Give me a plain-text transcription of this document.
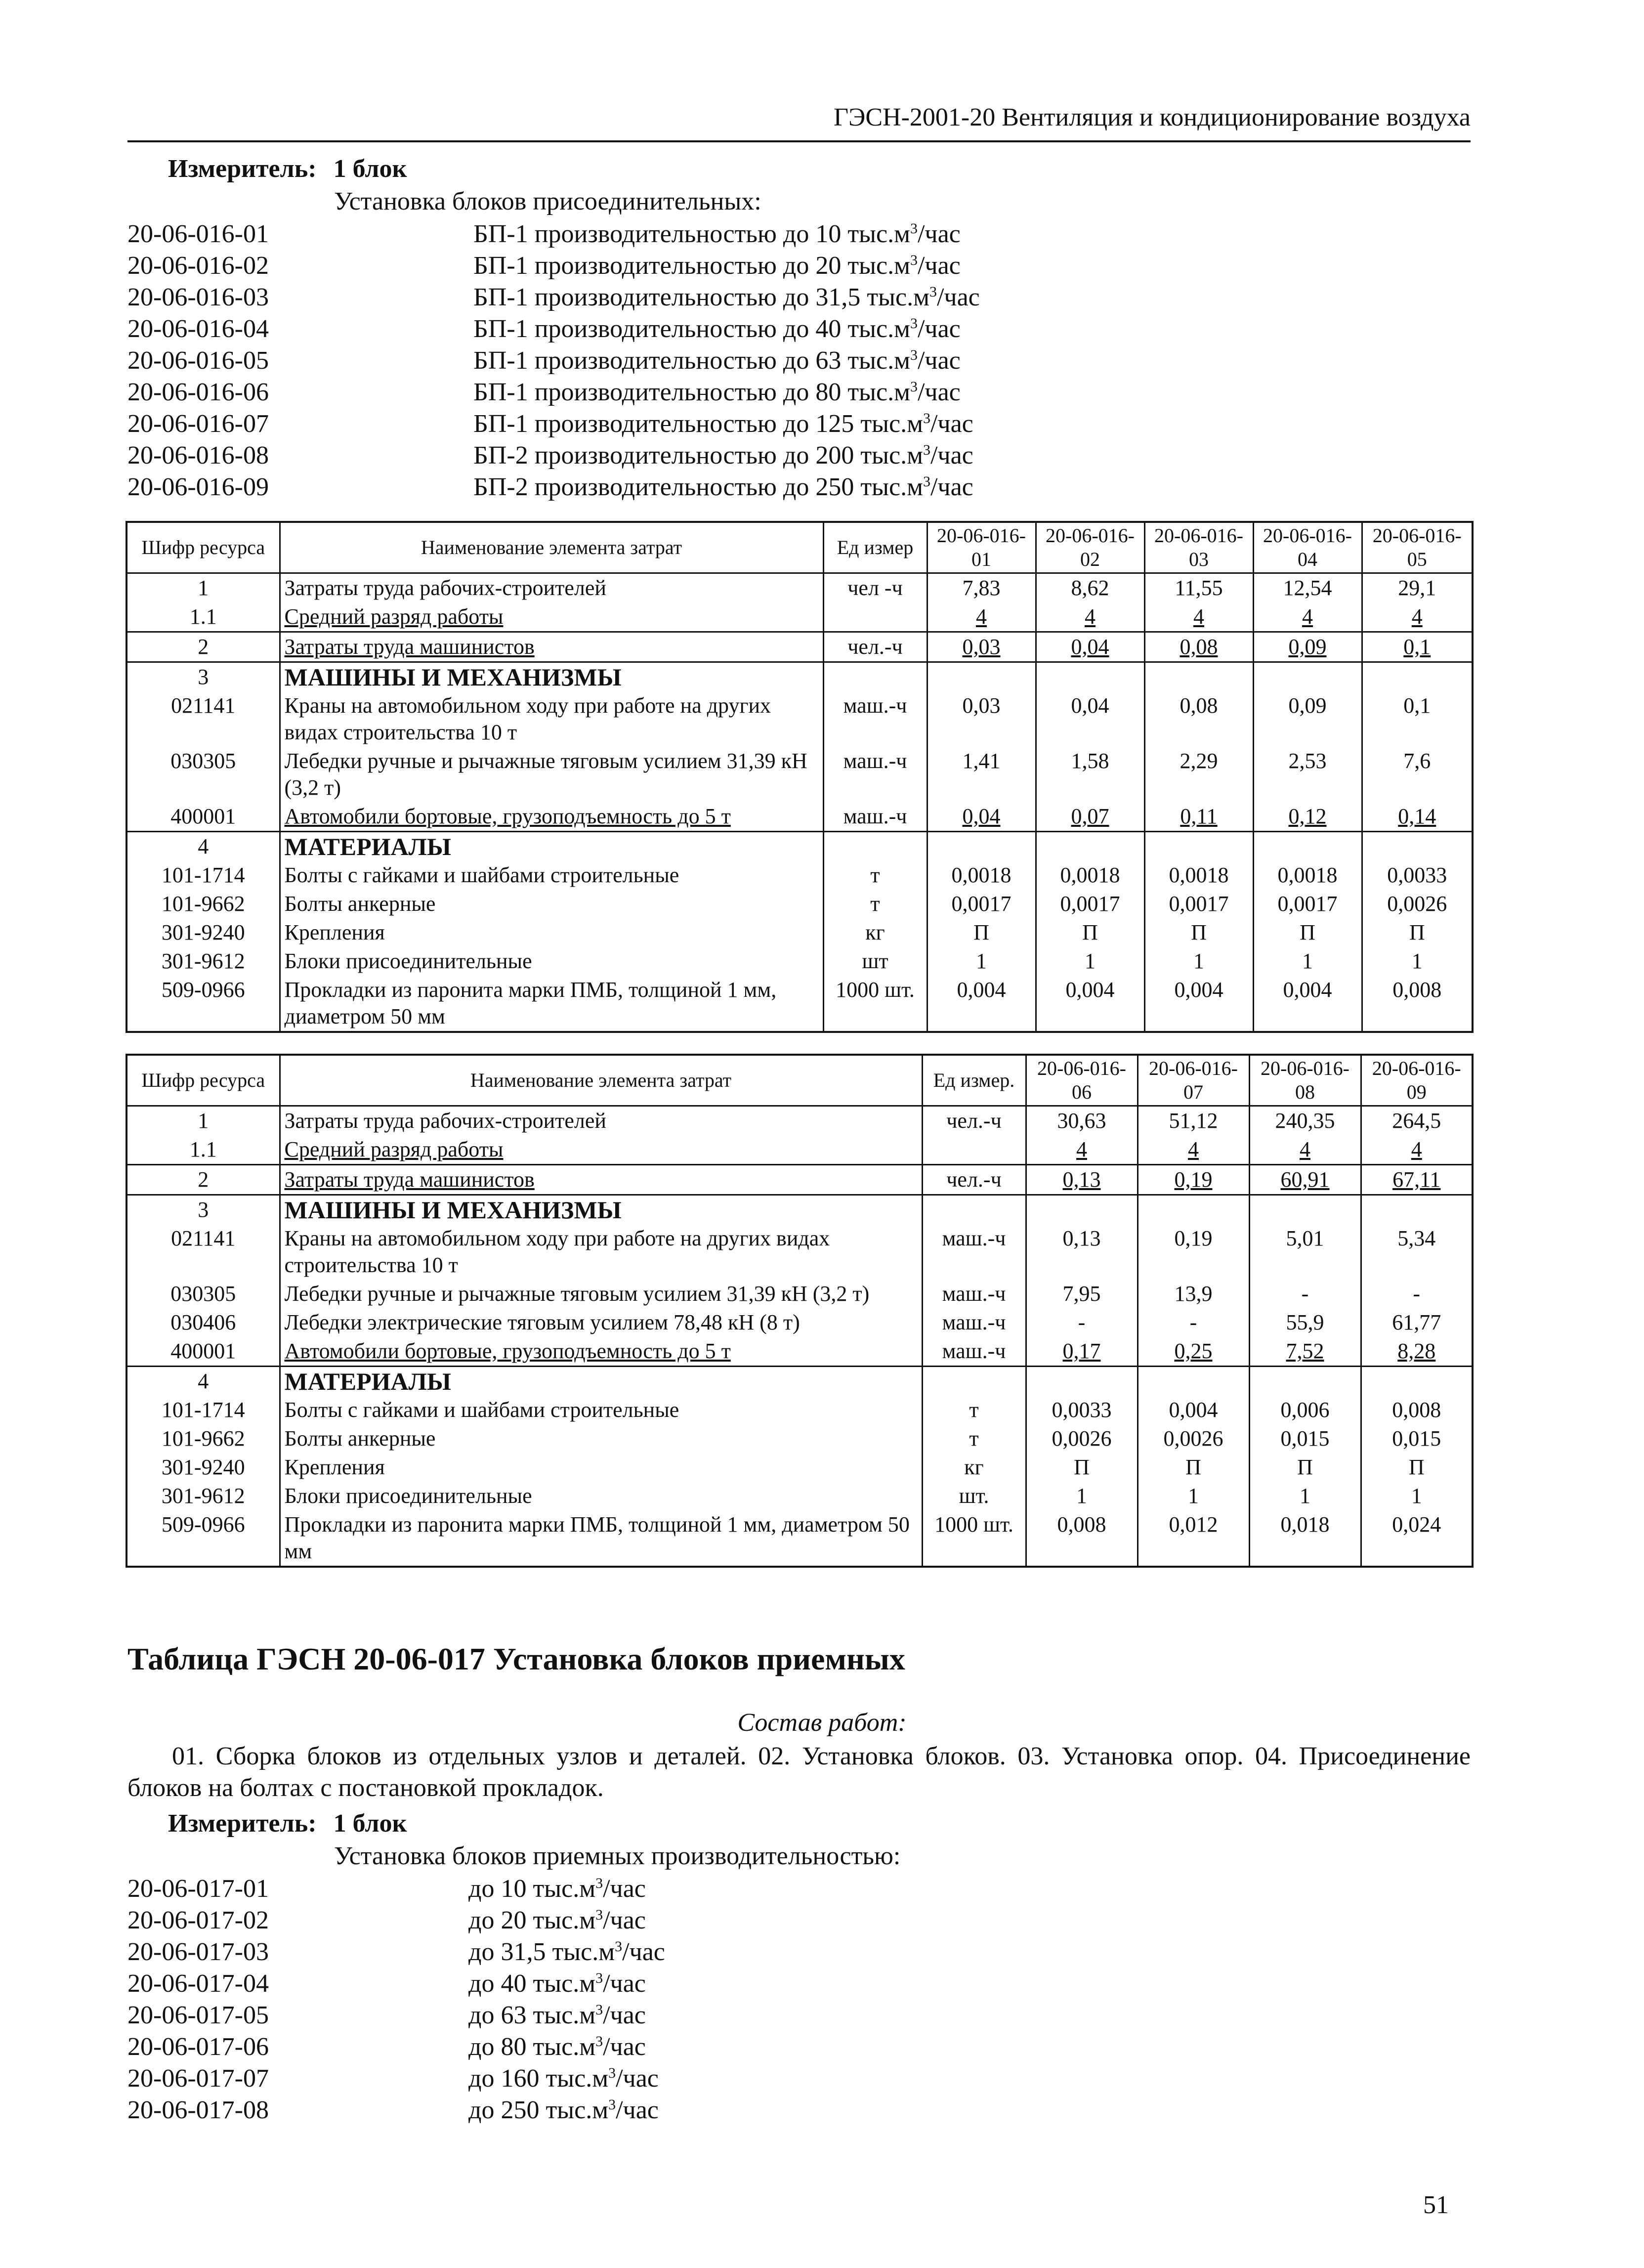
ГЭСН-2001-20 Вентиляция и кондиционирование воздуха
Измеритель: 1 блок
Установка блоков присоединительных:
20-06-016-01	БП-1 производительностью до 10 $тыс.м^3$/час
20-06-016-02	БП-1 производительностью до 20 $тыс.м^3$/час
20-06-016-03	БП-1 производительностью до 31,5 $тыс.м^3$/час
20-06-016-04	БП-1 производительностью до 40 $тыс.м^3$/час
20-06-016-05	БП-1 производительностью до 63 $тыс.м^3$/час
20-06-016-06	БП-1 производительностью до 80 $тыс.м^3$/час
20-06-016-07	БП-1 производительностью до 125 $тыс.м^3$/час
20-06-016-08	БП-2 производительностью до 200 $тыс.м^3$/час
20-06-016-09	БП-2 производительностью до 250 $тыс.м^3$/час
Шифр ресурса	Наименование элемента затрат	Ед измер	20-06-016-01	20-06-016-02	20-06-016-03	20-06-016-04	20-06-016-05
1	Затраты труда рабочих-строителей	чел -ч	7,83	8,62	11,55	12,54	29,1
1.1	Средний разряд работы		4	4	4	4	4
2	Затраты труда машинистов	чел.-ч	0,03	0,04	0,08	0,09	0,1
3	МАШИНЫ И МЕХАНИЗМЫ						
021141	Краны на автомобильном ходу при работе на других видах строительства 10 т	маш.-ч	0,03	0,04	0,08	0,09	0,1
030305	Лебедки ручные и рычажные тяговым усилием 31,39 кН (3,2 т)	маш.-ч	1,41	1,58	2,29	2,53	7,6
400001	Автомобили бортовые, грузоподъемность до 5 т	маш.-ч	0,04	0,07	0,11	0,12	0,14
4	МАТЕРИАЛЫ						
101-1714	Болты с гайками и шайбами строительные	т	0,0018	0,0018	0,0018	0,0018	0,0033
101-9662	Болты анкерные	т	0,0017	0,0017	0,0017	0,0017	0,0026
301-9240	Крепления	кг	П	П	П	П	П
301-9612	Блоки присоединительные	шт	1	1	1	1	1
509-0966	Прокладки из паронита марки ПМБ, толщиной 1 мм, диаметром 50 мм	1000 шт.	0,004	0,004	0,004	0,004	0,008
Шифр ресурса	Наименование элемента затрат	Ед измер.	20-06-016-06	20-06-016-07	20-06-016-08	20-06-016-09
1	Затраты труда рабочих-строителей	чел.-ч	30,63	51,12	240,35	264,5
1.1	Средний разряд работы		4	4	4	4
2	Затраты труда машинистов	чел.-ч	0,13	0,19	60,91	67,11
3	МАШИНЫ И МЕХАНИЗМЫ					
021141	Краны на автомобильном ходу при работе на других видах строительства 10 т	маш.-ч	0,13	0,19	5,01	5,34
030305	Лебедки ручные и рычажные тяговым усилием 31,39 кН (3,2 т)	маш.-ч	7,95	13,9	-	-
030406	Лебедки электрические тяговым усилием 78,48 кН (8 т)	маш.-ч	-	-	55,9	61,77
400001	Автомобили бортовые, грузоподъемность до 5 т	маш.-ч	0,17	0,25	7,52	8,28
4	МАТЕРИАЛЫ					
101-1714	Болты с гайками и шайбами строительные	т	0,0033	0,004	0,006	0,008
101-9662	Болты анкерные	т	0,0026	0,0026	0,015	0,015
301-9240	Крепления	кг	П	П	П	П
301-9612	Блоки присоединительные	шт.	1	1	1	1
509-0966	Прокладки из паронита марки ПМБ, толщиной 1 мм, диаметром 50 мм	1000 шт.	0,008	0,012	0,018	0,024
Таблица ГЭСН 20-06-017 Установка блоков приемных
Состав работ:
01. Сборка блоков из отдельных узлов и деталей. 02. Установка блоков. 03. Установка опор. 04. Присоединение блоков на болтах с постановкой прокладок.
Измеритель: 1 блок
Установка блоков приемных производительностью:
20-06-017-01	до 10 $тыс.м^3$/час
20-06-017-02	до 20 $тыс.м^3$/час
20-06-017-03	до 31,5 $тыс.м^3$/час
20-06-017-04	до 40 $тыс.м^3$/час
20-06-017-05	до 63 $тыс.м^3$/час
20-06-017-06	до 80 $тыс.м^3$/час
20-06-017-07	до 160 $тыс.м^3$/час
20-06-017-08	до 250 $тыс.м^3$/час
51
